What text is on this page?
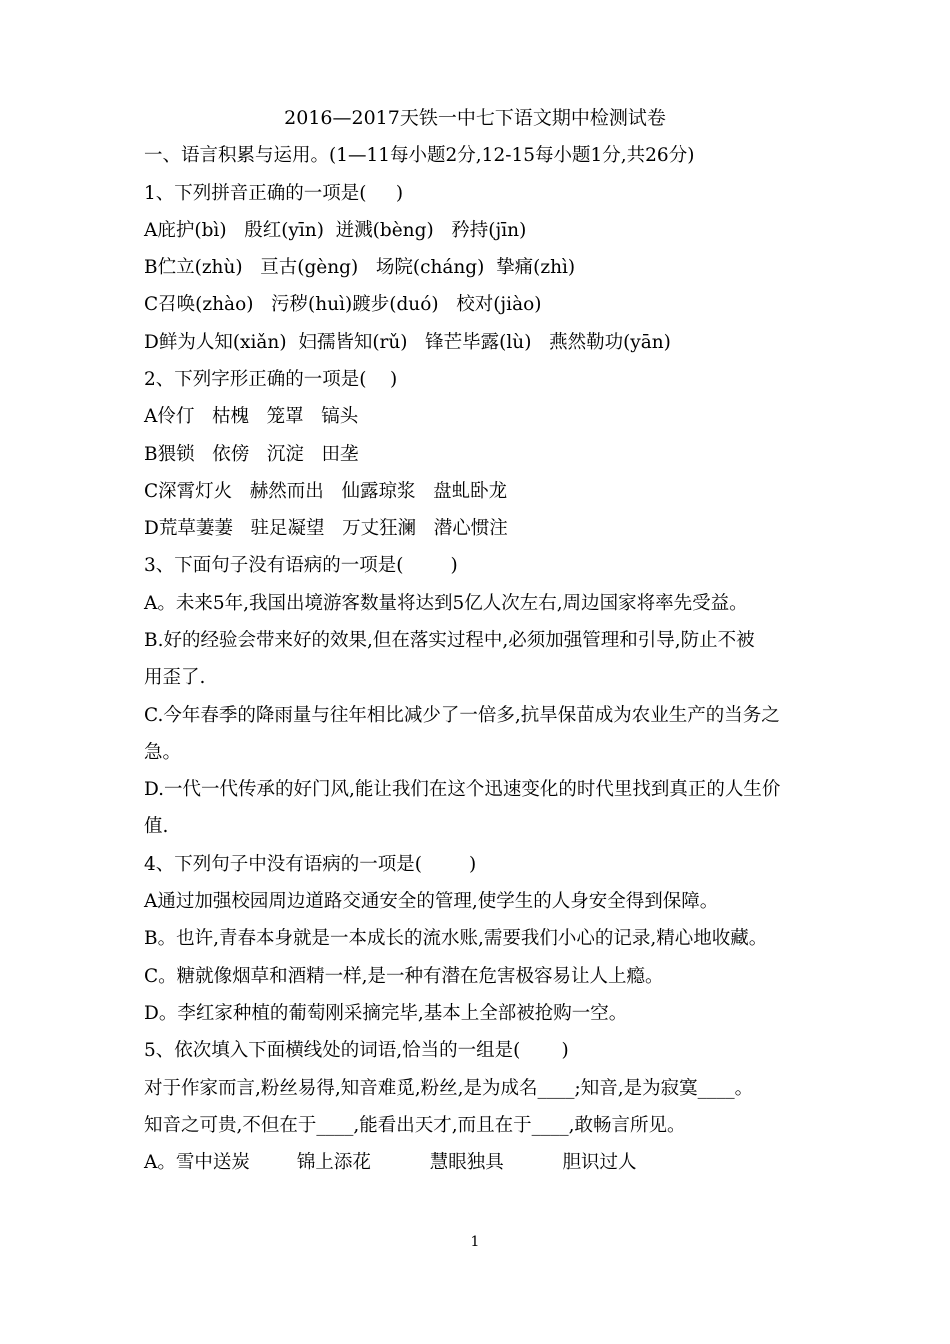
2016—2017天铁一中七下语文期中检测试卷
一、语言积累与运用。(1—11每小题2分,12-15每小题1分,共26分)
1、下列拼音正确的一项是(     )
A庇护(bì)   殷红(yīn)  迸溅(bèng)   矜持(jīn)
B伫立(zhù)   亘古(gèng)   场院(cháng)  挚痛(zhì)
C召唤(zhào)   污秽(huì)踱步(duó)   校对(jiào)
D鲜为人知(xiǎn)  妇孺皆知(rǔ)   锋芒毕露(lù)   燕然勒功(yān)
2、下列字形正确的一项是(    )
A伶仃   枯槐   笼罩   镐头
B猥锁   依傍   沉淀   田垄
C深霄灯火   赫然而出   仙露琼浆   盘虬卧龙
D荒草萋萋   驻足凝望   万丈狂澜   潜心惯注
3、下面句子没有语病的一项是(        )
A。未来5年,我国出境游客数量将达到5亿人次左右,周边国家将率先受益。
B.好的经验会带来好的效果,但在落实过程中,必须加强管理和引导,防止不被
用歪了.
C.今年春季的降雨量与往年相比减少了一倍多,抗旱保苗成为农业生产的当务之
急。
D.一代一代传承的好门风,能让我们在这个迅速变化的时代里找到真正的人生价
值.
4、下列句子中没有语病的一项是(        )
A通过加强校园周边道路交通安全的管理,使学生的人身安全得到保障。
B。也许,青春本身就是一本成长的流水账,需要我们小心的记录,精心地收藏。
C。糖就像烟草和酒精一样,是一种有潜在危害极容易让人上瘾。
D。李红家种植的葡萄刚采摘完毕,基本上全部被抢购一空。
5、依次填入下面横线处的词语,恰当的一组是(       )
对于作家而言,粉丝易得,知音难觅,粉丝,是为成名____;知音,是为寂寞____。
知音之可贵,不但在于____,能看出天才,而且在于____,敢畅言所见。
A。雪中送炭        锦上添花          慧眼独具          胆识过人
1
